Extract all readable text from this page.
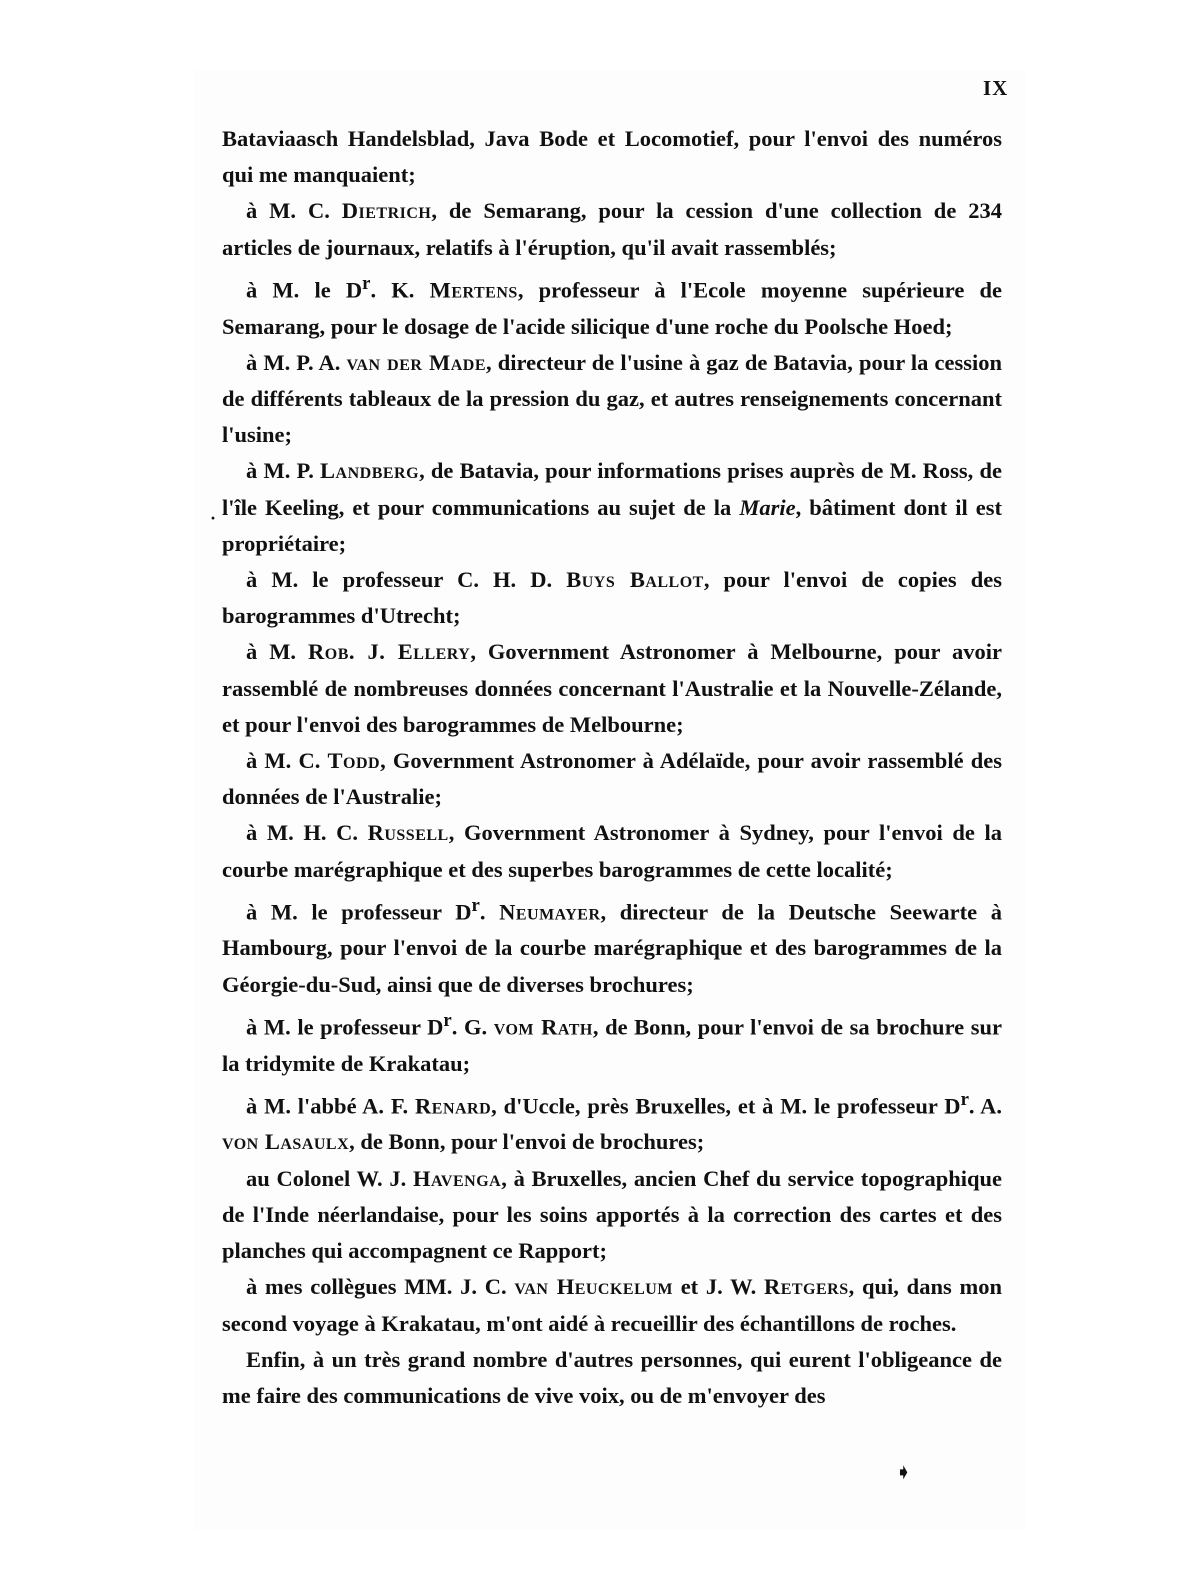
IX
·

Bataviaasch Handelsblad, Java Bode et Locomotief, pour l'envoi des numéros qui me manquaient;

à M. C. Dietrich, de Semarang, pour la cession d'une collection de 234 articles de journaux, relatifs à l'éruption, qu'il avait rassemblés;

à M. le $D^r$. K. Mertens, professeur à l'Ecole moyenne supérieure de Semarang, pour le dosage de l'acide silicique d'une roche du Poolsche Hoed;

à M. P. A. van der Made, directeur de l'usine à gaz de Batavia, pour la cession de différents tableaux de la pression du gaz, et autres renseignements concernant l'usine;

à M. P. Landberg, de Batavia, pour informations prises auprès de M. Ross, de l'île Keeling, et pour communications au sujet de la Marie, bâtiment dont il est propriétaire;

à M. le professeur C. H. D. Buys Ballot, pour l'envoi de copies des barogrammes d'Utrecht;

à M. Rob. J. Ellery, Government Astronomer à Melbourne, pour avoir rassemblé de nombreuses données concernant l'Australie et la Nouvelle-Zélande, et pour l'envoi des barogrammes de Melbourne;

à M. C. Todd, Government Astronomer à Adélaïde, pour avoir rassemblé des données de l'Australie;

à M. H. C. Russell, Government Astronomer à Sydney, pour l'envoi de la courbe marégraphique et des superbes barogrammes de cette localité;

à M. le professeur $D^r$. Neumayer, directeur de la Deutsche Seewarte à Hambourg, pour l'envoi de la courbe marégraphique et des barogrammes de la Géorgie-du-Sud, ainsi que de diverses brochures;

à M. le professeur $D^r$. G. vom Rath, de Bonn, pour l'envoi de sa brochure sur la tridymite de Krakatau;

à M. l'abbé A. F. Renard, d'Uccle, près Bruxelles, et à M. le professeur $D^r$. A. von Lasaulx, de Bonn, pour l'envoi de brochures;

au Colonel W. J. Havenga, à Bruxelles, ancien Chef du service topographique de l'Inde néerlandaise, pour les soins apportés à la correction des cartes et des planches qui accompagnent ce Rapport;

à mes collègues MM. J. C. van Heuckelum et J. W. Retgers, qui, dans mon second voyage à Krakatau, m'ont aidé à recueillir des échantillons de roches.

Enfin, à un très grand nombre d'autres personnes, qui eurent l'obligeance de me faire des communications de vive voix, ou de m'envoyer des

➧
